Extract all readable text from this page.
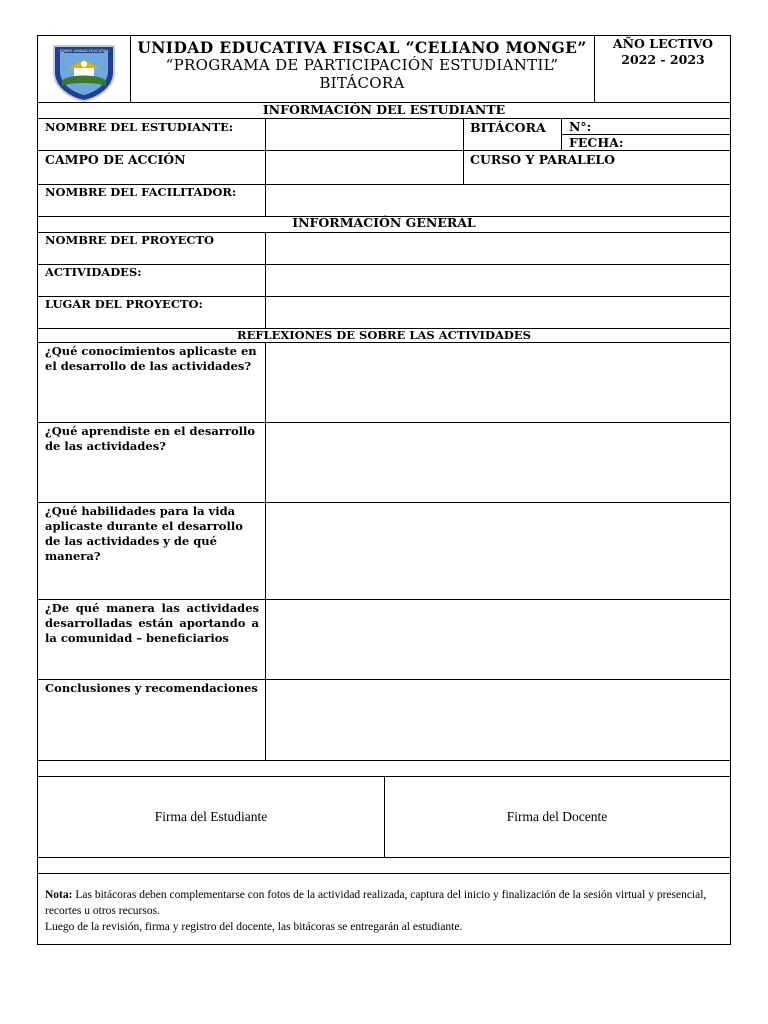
SOMOS UNIDAD EDUCATIVA	UNIDAD EDUCATIVA FISCAL “CELIANO MONGE”
“PROGRAMA DE PARTICIPACIÓN ESTUDIANTIL”
BITÁCORA
AÑO LECTIVO
2022 - 2023
INFORMACIÓN DEL ESTUDIANTE
NOMBRE DEL ESTUDIANTE:	BITÁCORA N°:
FECHA:
CAMPO DE ACCIÓN	CURSO Y PARALELO
NOMBRE DEL FACILITADOR:
INFORMACIÓN GENERAL
NOMBRE DEL PROYECTO
ACTIVIDADES:
LUGAR DEL PROYECTO:
REFLEXIONES DE SOBRE LAS ACTIVIDADES
¿Qué conocimientos aplicaste en el desarrollo de las actividades?
¿Qué aprendiste en el desarrollo de las actividades?
¿Qué habilidades para la vida aplicaste durante el desarrollo de las actividades y de qué manera?
¿De qué manera las actividades desarrolladas están aportando a la comunidad – beneficiarios
Conclusiones y recomendaciones
Firma del Estudiante	Firma del Docente
Nota: Las bitácoras deben complementarse con fotos de la actividad realizada, captura del inicio y finalización de la sesión virtual y presencial, recortes u otros recursos.
Luego de la revisión, firma y registro del docente, las bitácoras se entregarán al estudiante.
